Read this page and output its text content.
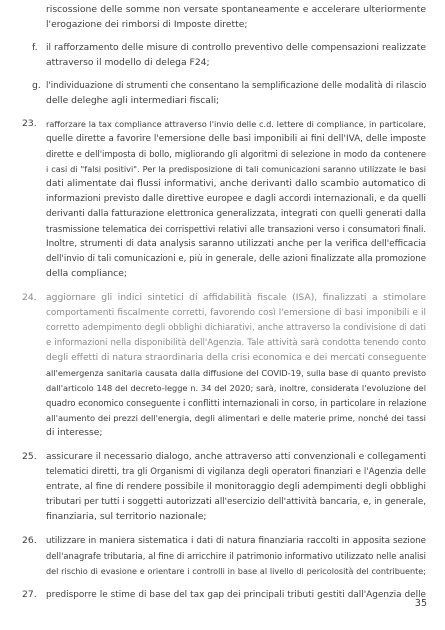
riscossione delle somme non versate spontaneamente e accelerare ulteriormente
l'erogazione dei rimborsi di Imposte dirette;
f. il rafforzamento delle misure di controllo preventivo delle compensazioni realizzate
attraverso il modello di delega F24;
g. l'individuazione di strumenti che consentano la semplificazione delle modalità di rilascio
delle deleghe agli intermediari fiscali;
23. rafforzare la tax compliance attraverso l'invio delle c.d. lettere di compliance, in particolare,
quelle dirette a favorire l'emersione delle basi imponibili ai fini dell'IVA, delle imposte
dirette e dell'imposta di bollo, migliorando gli algoritmi di selezione in modo da contenere
i casi di "falsi positivi". Per la predisposizione di tali comunicazioni saranno utilizzate le basi
dati alimentate dai flussi informativi, anche derivanti dallo scambio automatico di
informazioni previsto dalle direttive europee e dagli accordi internazionali, e da quelli
derivanti dalla fatturazione elettronica generalizzata, integrati con quelli generati dalla
trasmissione telematica dei corrispettivi relativi alle transazioni verso i consumatori finali.
Inoltre, strumenti di data analysis saranno utilizzati anche per la verifica dell'efficacia
dell'invio di tali comunicazioni e, più in generale, delle azioni finalizzate alla promozione
della compliance;
24. aggiornare gli indici sintetici di affidabilità fiscale (ISA), finalizzati a stimolare
comportamenti fiscalmente corretti, favorendo così l'emersione di basi imponibili e il
corretto adempimento degli obblighi dichiarativi, anche attraverso la condivisione di dati
e informazioni nella disponibilità dell'Agenzia. Tale attività sarà condotta tenendo conto
degli effetti di natura straordinaria della crisi economica e dei mercati conseguente
all'emergenza sanitaria causata dalla diffusione del COVID-19, sulla base di quanto previsto
dall'articolo 148 del decreto-legge n. 34 del 2020; sarà, inoltre, considerata l'evoluzione del
quadro economico conseguente i conflitti internazionali in corso, in particolare in relazione
all'aumento dei prezzi dell'energia, degli alimentari e delle materie prime, nonché dei tassi
di interesse;
25. assicurare il necessario dialogo, anche attraverso atti convenzionali e collegamenti
telematici diretti, tra gli Organismi di vigilanza degli operatori finanziari e l'Agenzia delle
entrate, al fine di rendere possibile il monitoraggio degli adempimenti degli obblighi
tributari per tutti i soggetti autorizzati all'esercizio dell'attività bancaria, e, in generale,
finanziaria, sul territorio nazionale;
26. utilizzare in maniera sistematica i dati di natura finanziaria raccolti in apposita sezione
dell'anagrafe tributaria, al fine di arricchire il patrimonio informativo utilizzato nelle analisi
del rischio di evasione e orientare i controlli in base al livello di pericolosità del contribuente;
27. predisporre le stime di base del tax gap dei principali tributi gestiti dall'Agenzia delle
35
